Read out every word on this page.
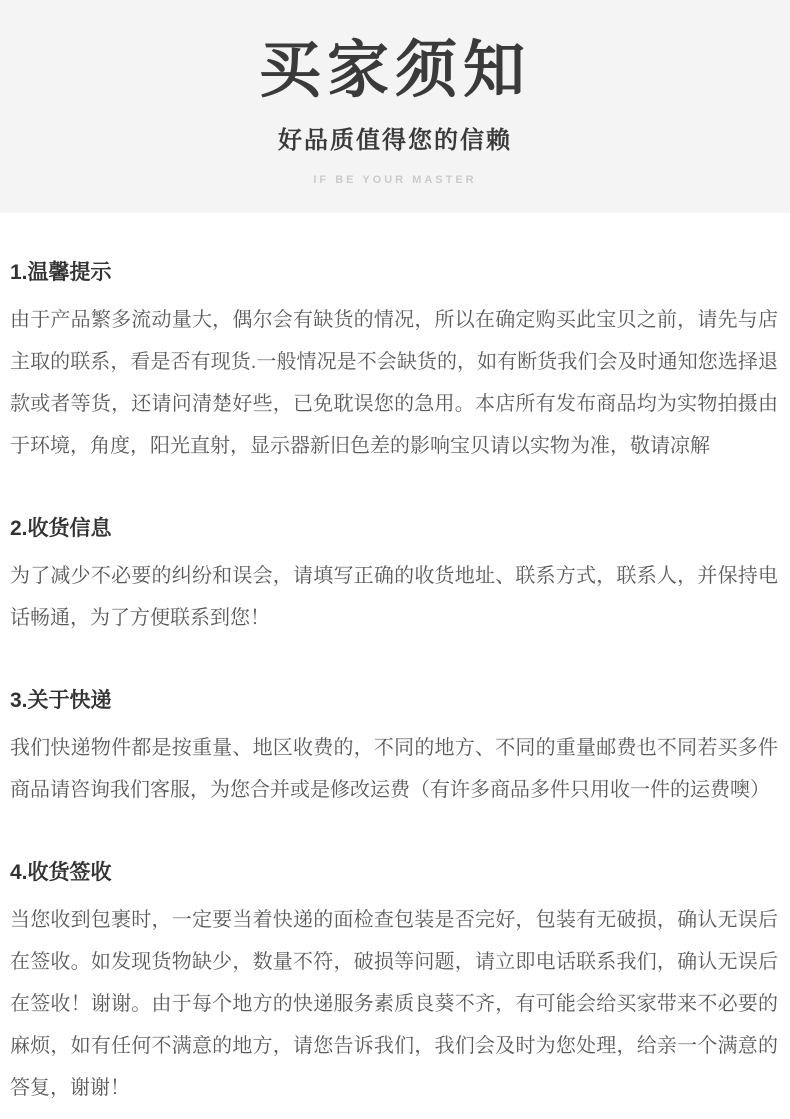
买家须知
好品质值得您的信赖
IF BE YOUR MASTER
1.温馨提示

由于产品繁多流动量大，偶尔会有缺货的情况，所以在确定购买此宝贝之前，请先与店主取的联系，看是否有现货.一般情况是不会缺货的，如有断货我们会及时通知您选择退款或者等货，还请问清楚好些，已免耽误您的急用。本店所有发布商品均为实物拍摄由于环境，角度，阳光直射，显示器新旧色差的影响宝贝请以实物为准，敬请凉解

2.收货信息

为了减少不必要的纠纷和误会，请填写正确的收货地址、联系方式，联系人，并保持电话畅通，为了方便联系到您！

3.关于快递

我们快递物件都是按重量、地区收费的，不同的地方、不同的重量邮费也不同若买多件商品请咨询我们客服，为您合并或是修改运费（有许多商品多件只用收一件的运费噢）

4.收货签收

当您收到包裹时，一定要当着快递的面检查包装是否完好，包装有无破损，确认无误后在签收。如发现货物缺少，数量不符，破损等问题，请立即电话联系我们，确认无误后在签收！谢谢。由于每个地方的快递服务素质良葵不齐，有可能会给买家带来不必要的麻烦，如有任何不满意的地方，请您告诉我们，我们会及时为您处理，给亲一个满意的答复，谢谢！
